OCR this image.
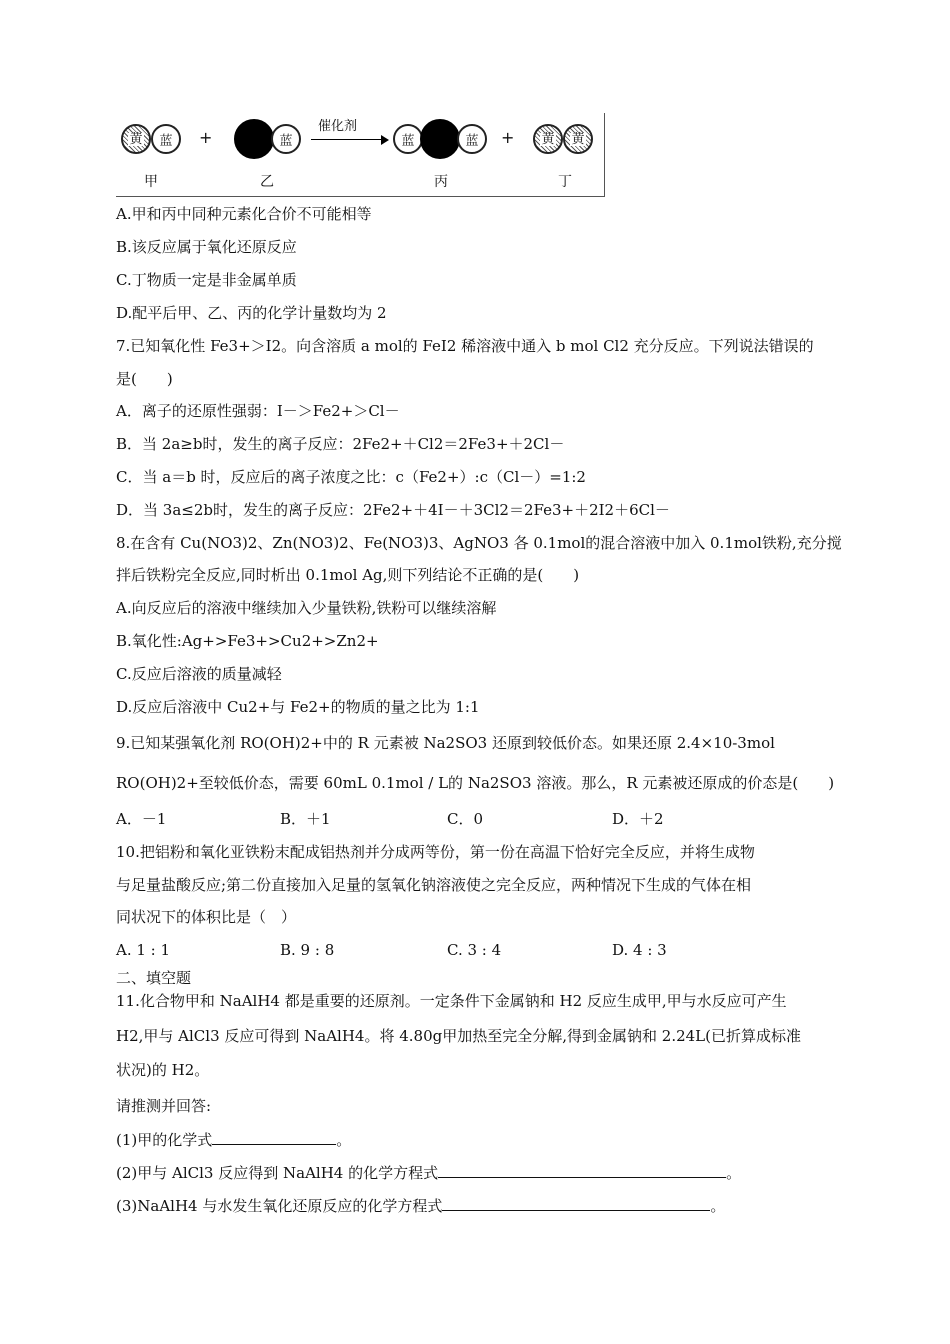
黄 蓝 +	蓝
催化剂
蓝	蓝 + 黄 黄
甲	乙	丙	丁
A.甲和丙中同种元素化合价不可能相等
B.该反应属于氧化还原反应
C.丁物质一定是非金属单质
D.配平后甲、乙、丙的化学计量数均为 2
7.已知氧化性 Fe3+＞I2。向含溶质 a mol的 FeI2 稀溶液中通入 b mol Cl2 充分反应。下列说法错误的
是(　　)
A．离子的还原性强弱：I－＞Fe2+＞Cl－
B．当 2a≥b时，发生的离子反应：2Fe2+＋Cl2＝2Fe3+＋2Cl－
C．当 a＝b 时，反应后的离子浓度之比：c（Fe2+）:c（Cl－）=1:2
D．当 3a≤2b时，发生的离子反应：2Fe2+＋4I－＋3Cl2＝2Fe3+＋2I2＋6Cl－
8.在含有 Cu(NO3)2、Zn(NO3)2、Fe(NO3)3、AgNO3 各 0.1mol的混合溶液中加入 0.1mol铁粉,充分搅
拌后铁粉完全反应,同时析出 0.1mol Ag,则下列结论不正确的是(　　)
A.向反应后的溶液中继续加入少量铁粉,铁粉可以继续溶解
B.氧化性:Ag+>Fe3+>Cu2+>Zn2+
C.反应后溶液的质量减轻
D.反应后溶液中 Cu2+与 Fe2+的物质的量之比为 1:1
9.已知某强氧化剂 RO(OH)2+中的 R 元素被 Na2SO3 还原到较低价态。如果还原 2.4×10-3mol
RO(OH)2+至较低价态，需要 60mL 0.1mol / L的 Na2SO3 溶液。那么，R 元素被还原成的价态是(　　)
A．－1	B．＋1	C．0	D．＋2
10.把铝粉和氧化亚铁粉末配成铝热剂并分成两等份，第一份在高温下恰好完全反应，并将生成物
与足量盐酸反应;第二份直接加入足量的氢氧化钠溶液使之完全反应，两种情况下生成的气体在相
同状况下的体积比是（　）
A. 1 : 1	B. 9 : 8	C. 3 : 4	D. 4 : 3
二、填空题
11.化合物甲和 NaAlH4 都是重要的还原剂。一定条件下金属钠和 H2 反应生成甲,甲与水反应可产生
H2,甲与 AlCl3 反应可得到 NaAlH4。将 4.80g甲加热至完全分解,得到金属钠和 2.24L(已折算成标准
状况)的 H2。
请推测并回答:
(1)甲的化学式	。
(2)甲与 AlCl3 反应得到 NaAlH4 的化学方程式	。
(3)NaAlH4 与水发生氧化还原反应的化学方程式	。
